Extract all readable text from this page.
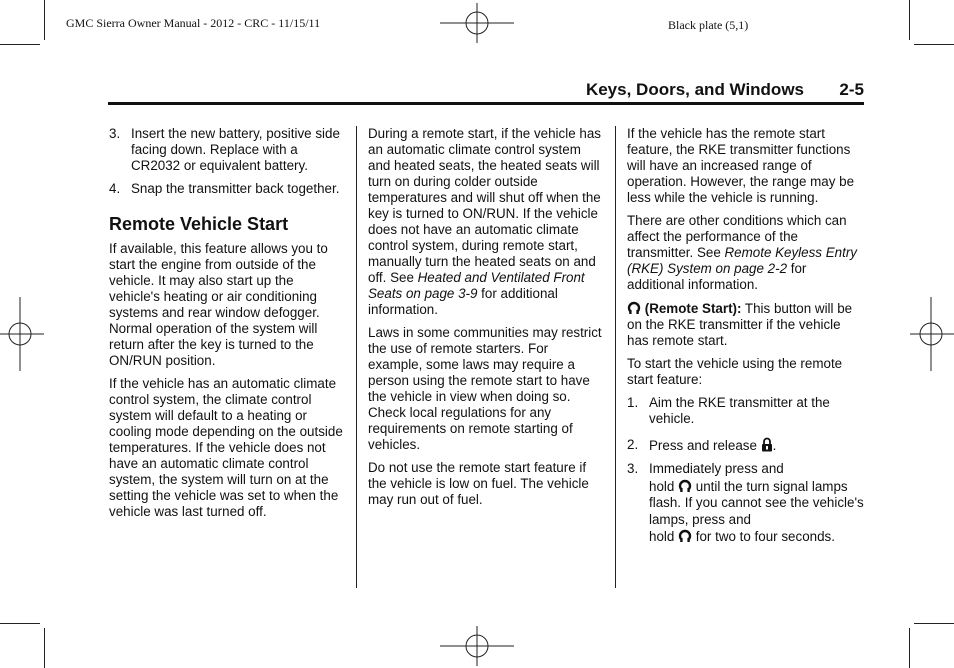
GMC Sierra Owner Manual - 2012 - CRC - 11/15/11	Black plate (5,1)
Keys, Doors, and Windows 2-5
3. Insert the new battery, positive side facing down. Replace with a CR2032 or equivalent battery.
4. Snap the transmitter back together.
Remote Vehicle Start

If available, this feature allows you to start the engine from outside of the vehicle. It may also start up the vehicle's heating or air conditioning systems and rear window defogger. Normal operation of the system will return after the key is turned to the ON/RUN position.

If the vehicle has an automatic climate control system, the climate control system will default to a heating or cooling mode depending on the outside temperatures. If the vehicle does not have an automatic climate control system, the system will turn on at the setting the vehicle was set to when the vehicle was last turned off.

During a remote start, if the vehicle has an automatic climate control system and heated seats, the heated seats will turn on during colder outside temperatures and will shut off when the key is turned to ON/RUN. If the vehicle does not have an automatic climate control system, during remote start, manually turn the heated seats on and off. See Heated and Ventilated Front Seats on page 3-9 for additional information.

Laws in some communities may restrict the use of remote starters. For example, some laws may require a person using the remote start to have the vehicle in view when doing so. Check local regulations for any requirements on remote starting of vehicles.

Do not use the remote start feature if the vehicle is low on fuel. The vehicle may run out of fuel.

If the vehicle has the remote start feature, the RKE transmitter functions will have an increased range of operation. However, the range may be less while the vehicle is running.

There are other conditions which can affect the performance of the transmitter. See Remote Keyless Entry (RKE) System on page 2-2 for additional information.

(Remote Start): This button will be on the RKE transmitter if the vehicle has remote start.

To start the vehicle using the remote start feature:

1. Aim the RKE transmitter at the vehicle.
2. Press and release .
3. Immediately press and
hold  until the turn signal lamps flash. If you cannot see the vehicle's lamps, press and
hold  for two to four seconds.
